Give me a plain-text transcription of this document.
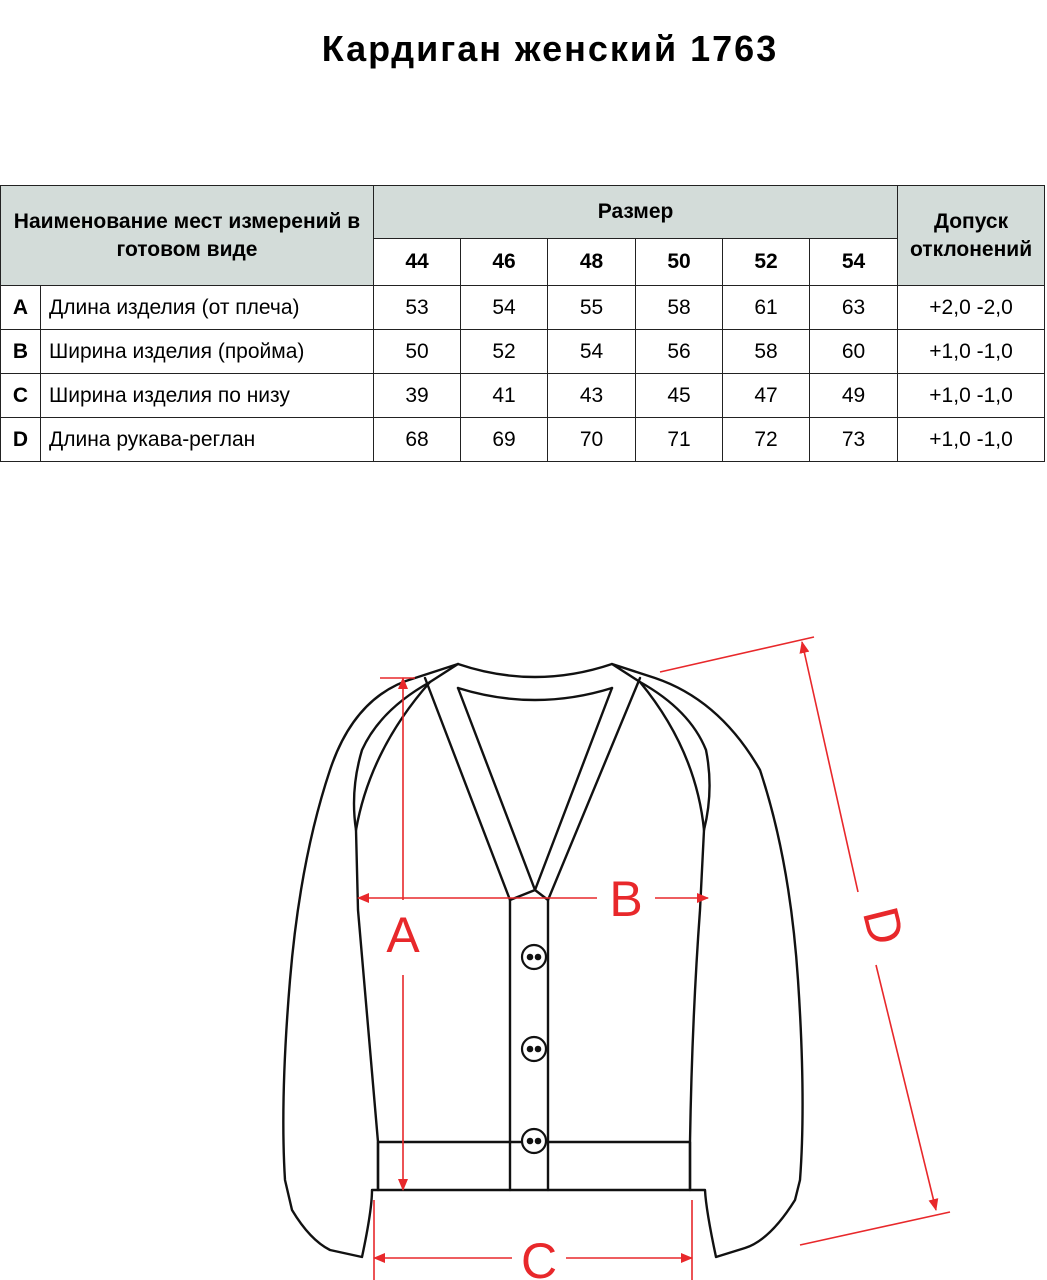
Кардиган женский 1763
Наименование мест измерений в готовом виде		Размер						Допуск отклонений
		44	46	48	50	52	54	
A	Длина изделия (от плеча)	53	54	55	58	61	63	+2,0 -2,0
B	Ширина изделия (пройма)	50	52	54	56	58	60	+1,0 -1,0
C	Ширина изделия по низу	39	41	43	45	47	49	+1,0 -1,0
D	Длина рукава-реглан	68	69	70	71	72	73	+1,0 -1,0
A
B
C
D
